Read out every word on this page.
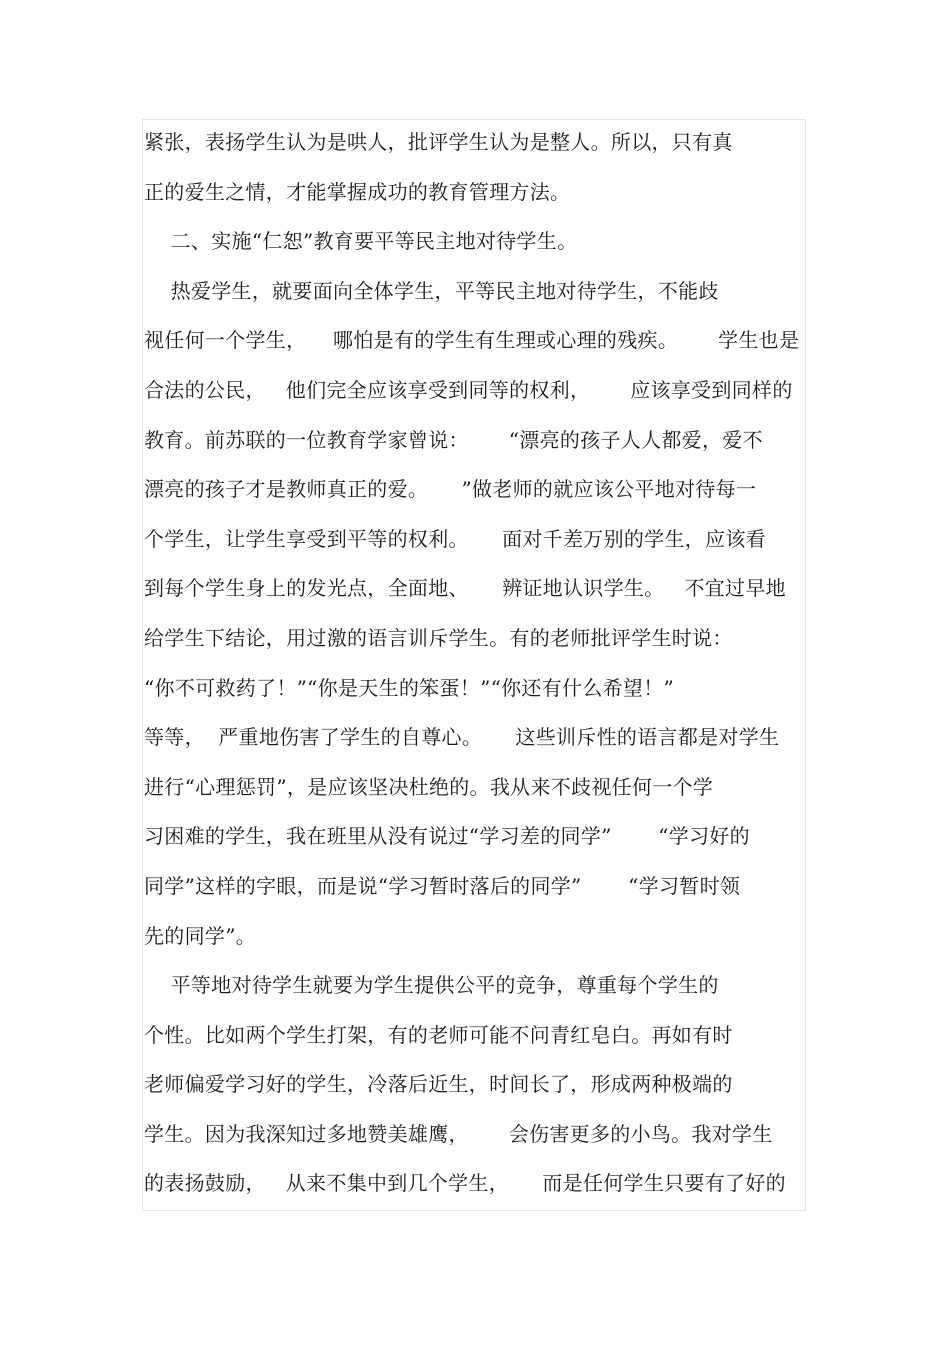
紧张，表扬学生认为是哄人，批评学生认为是整人。所以，只有真
正的爱生之情，才能掌握成功的教育管理方法。
二、实施“仁恕”教育要平等民主地对待学生。
热爱学生，就要面向全体学生，平等民主地对待学生，不能歧
视任何一个学生，    哪怕是有的学生有生理或心理的残疾。      学生也是
合法的公民，   他们完全应该享受到同等的权利，      应该享受到同样的
教育。前苏联的一位教育学家曾说：      “漂亮的孩子人人都爱，爱不
漂亮的孩子才是教师真正的爱。     ”做老师的就应该公平地对待每一
个学生，让学生享受到平等的权利。     面对千差万别的学生，应该看
到每个学生身上的发光点，全面地、     辨证地认识学生。   不宜过早地
给学生下结论，用过激的语言训斥学生。有的老师批评学生时说：
“你不可救药了！”“你是天生的笨蛋！”“你还有什么希望！”
等等，  严重地伤害了学生的自尊心。     这些训斥性的语言都是对学生
进行“心理惩罚”，是应该坚决杜绝的。我从来不歧视任何一个学
习困难的学生，我在班里从没有说过“学习差的同学”       “学习好的
同学”这样的字眼，而是说“学习暂时落后的同学”       “学习暂时领
先的同学”。
平等地对待学生就要为学生提供公平的竞争，尊重每个学生的
个性。比如两个学生打架，有的老师可能不问青红皂白。再如有时
老师偏爱学习好的学生，冷落后近生，时间长了，形成两种极端的
学生。因为我深知过多地赞美雄鹰，      会伤害更多的小鸟。我对学生
的表扬鼓励，   从来不集中到几个学生，     而是任何学生只要有了好的
